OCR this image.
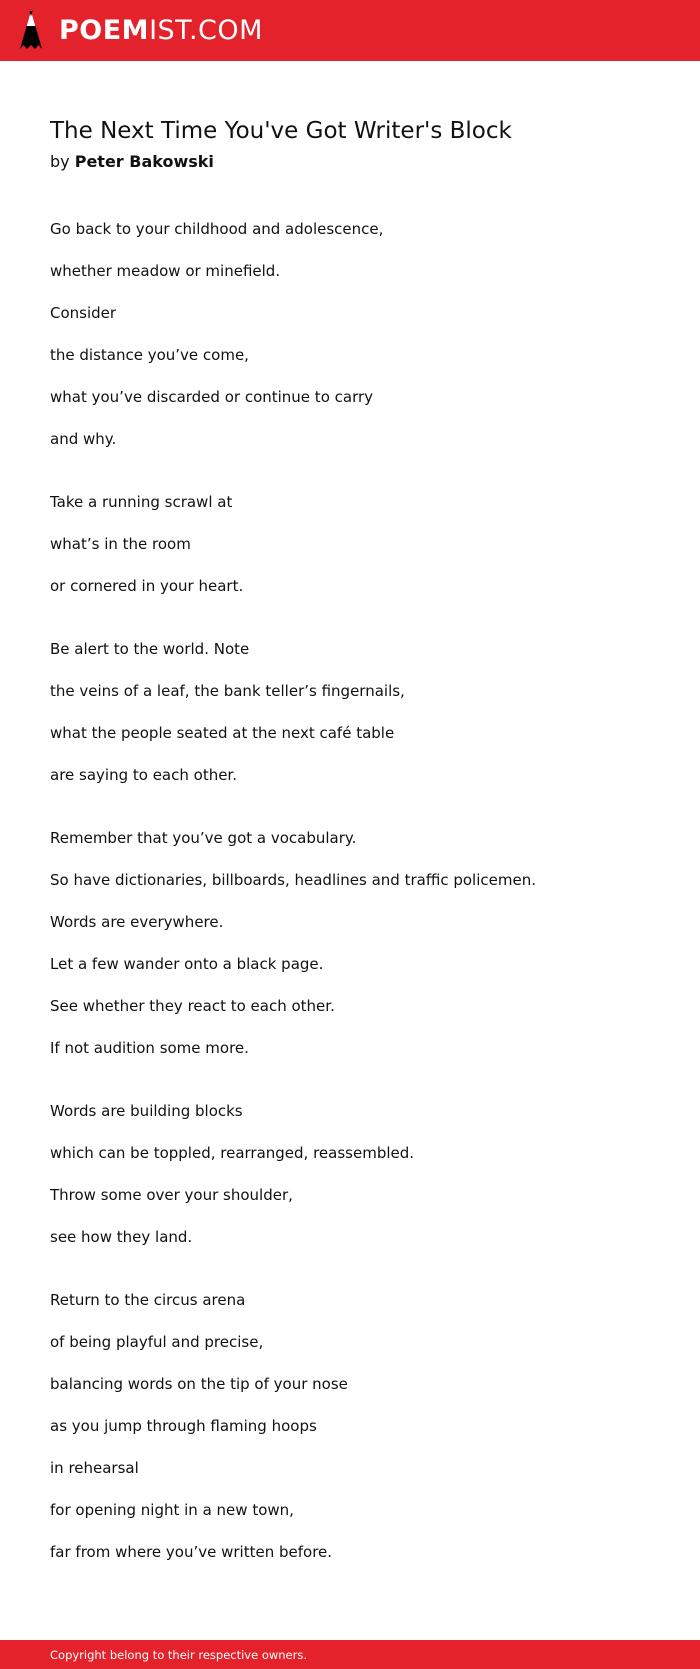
POEMIST.COM
The Next Time You've Got Writer's Block

by Peter Bakowski

Go back to your childhood and adolescence,
whether meadow or minefield.
Consider
the distance you’ve come,
what you’ve discarded or continue to carry
and why.
Take a running scrawl at
what’s in the room
or cornered in your heart.
Be alert to the world. Note
the veins of a leaf, the bank teller’s fingernails,
what the people seated at the next café table
are saying to each other.
Remember that you’ve got a vocabulary.
So have dictionaries, billboards, headlines and traffic policemen.
Words are everywhere.
Let a few wander onto a black page.
See whether they react to each other.
If not audition some more.
Words are building blocks
which can be toppled, rearranged, reassembled.
Throw some over your shoulder,
see how they land.
Return to the circus arena
of being playful and precise,
balancing words on the tip of your nose
as you jump through flaming hoops
in rehearsal
for opening night in a new town,
far from where you’ve written before.
Copyright belong to their respective owners.
